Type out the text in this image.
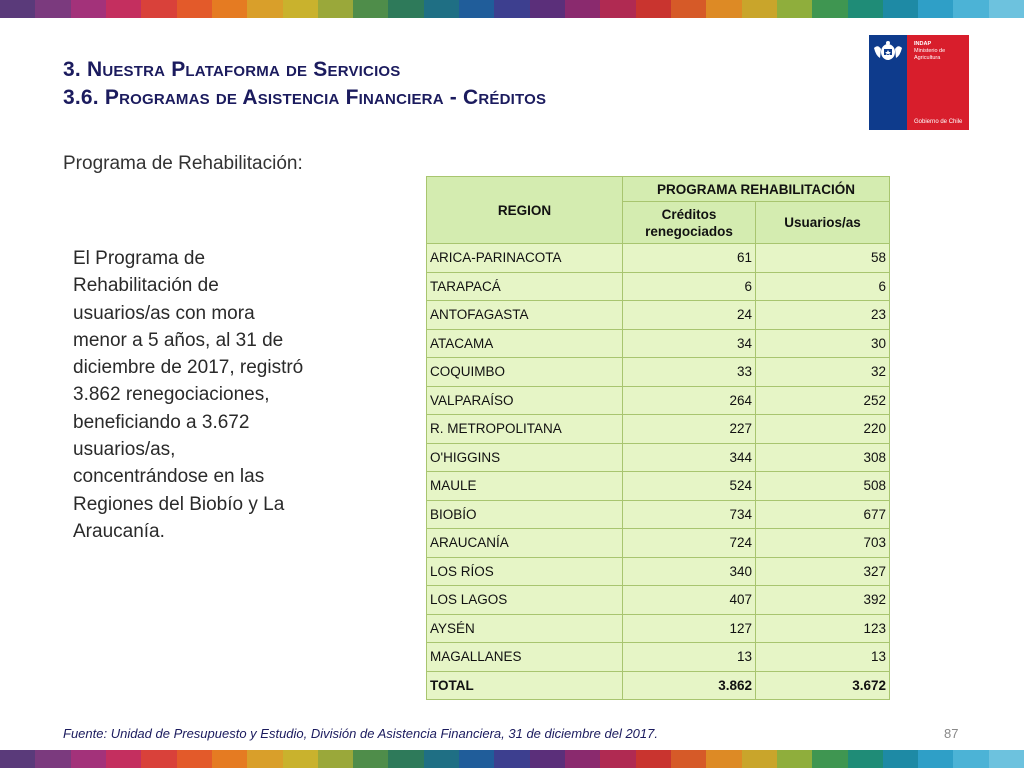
3. Nuestra Plataforma de Servicios
3.6. Programas de Asistencia Financiera - Créditos
INDAP
Ministerio de
Agricultura
Gobierno de Chile
Programa de Rehabilitación:
El Programa de Rehabilitación de usuarios/as con mora menor a 5 años, al 31 de diciembre de 2017, registró 3.862 renegociaciones, beneficiando a 3.672 usuarios/as, concentrándose en las Regiones del Biobío y La Araucanía.
REGION	PROGRAMA REHABILITACIÓN	
	Créditos renegociados	Usuarios/as
ARICA-PARINACOTA	61	58
TARAPACÁ	6	6
ANTOFAGASTA	24	23
ATACAMA	34	30
COQUIMBO	33	32
VALPARAÍSO	264	252
R. METROPOLITANA	227	220
O'HIGGINS	344	308
MAULE	524	508
BIOBÍO	734	677
ARAUCANÍA	724	703
LOS RÍOS	340	327
LOS LAGOS	407	392
AYSÉN	127	123
MAGALLANES	13	13
TOTAL	3.862	3.672
Fuente: Unidad de Presupuesto y Estudio, División de Asistencia Financiera, 31 de diciembre del 2017.	87
